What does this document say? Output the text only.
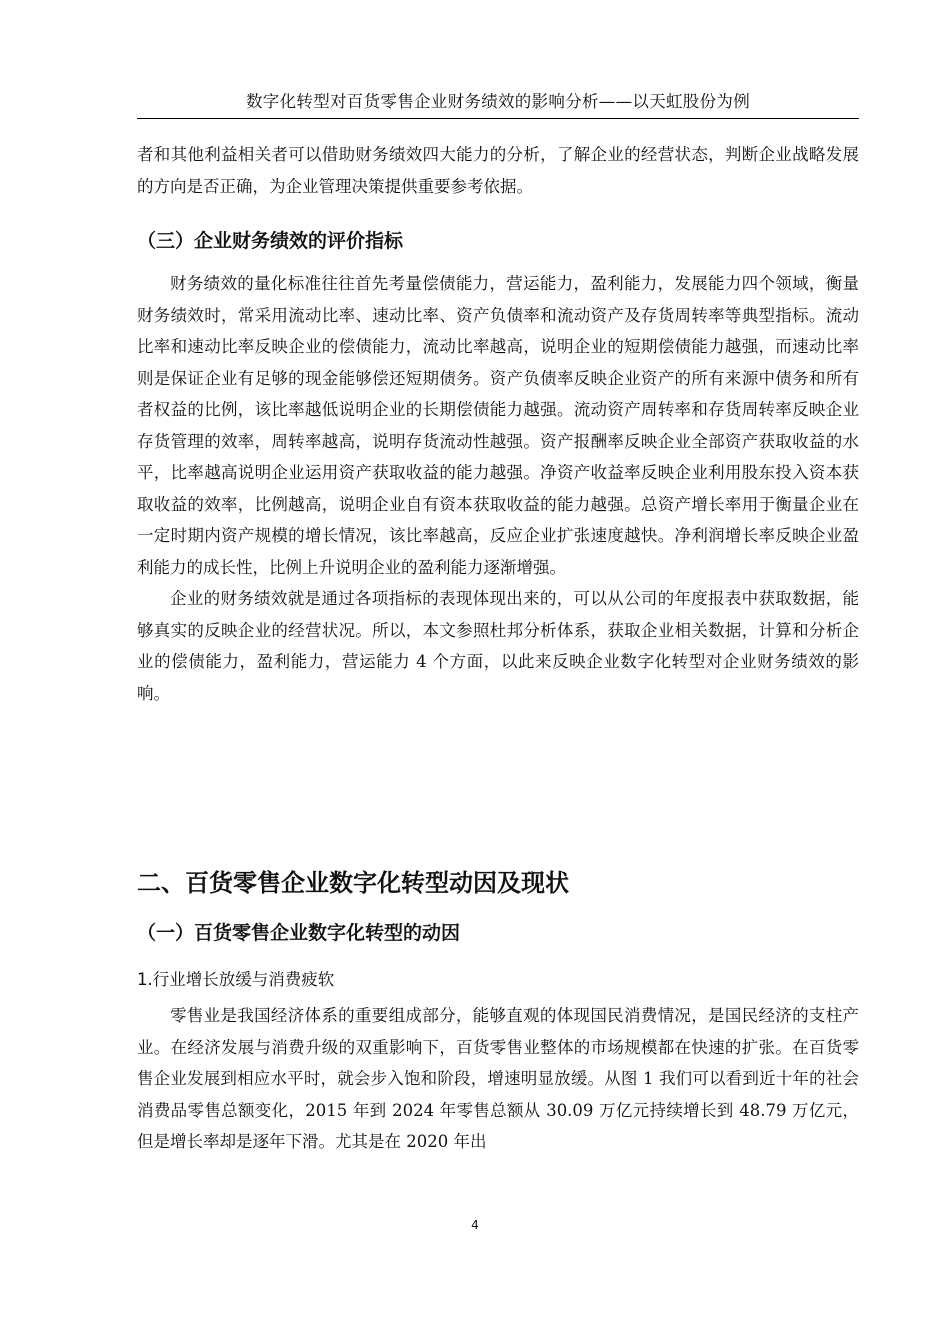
数字化转型对百货零售企业财务绩效的影响分析——以天虹股份为例

者和其他利益相关者可以借助财务绩效四大能力的分析，了解企业的经营状态，判断企业战略发展的方向是否正确，为企业管理决策提供重要参考依据。

（三）企业财务绩效的评价指标

财务绩效的量化标准往往首先考量偿债能力，营运能力，盈利能力，发展能力四个领域，衡量财务绩效时，常采用流动比率、速动比率、资产负债率和流动资产及存货周转率等典型指标。流动比率和速动比率反映企业的偿债能力，流动比率越高，说明企业的短期偿债能力越强，而速动比率则是保证企业有足够的现金能够偿还短期债务。资产负债率反映企业资产的所有来源中债务和所有者权益的比例，该比率越低说明企业的长期偿债能力越强。流动资产周转率和存货周转率反映企业存货管理的效率，周转率越高，说明存货流动性越强。资产报酬率反映企业全部资产获取收益的水平，比率越高说明企业运用资产获取收益的能力越强。净资产收益率反映企业利用股东投入资本获取收益的效率，比例越高，说明企业自有资本获取收益的能力越强。总资产增长率用于衡量企业在一定时期内资产规模的增长情况，该比率越高，反应企业扩张速度越快。净利润增长率反映企业盈利能力的成长性，比例上升说明企业的盈利能力逐渐增强。

企业的财务绩效就是通过各项指标的表现体现出来的，可以从公司的年度报表中获取数据，能够真实的反映企业的经营状况。所以，本文参照杜邦分析体系，获取企业相关数据，计算和分析企业的偿债能力，盈利能力，营运能力 4 个方面，以此来反映企业数字化转型对企业财务绩效的影响。

二、百货零售企业数字化转型动因及现状
（一）百货零售企业数字化转型的动因
1.行业增长放缓与消费疲软

零售业是我国经济体系的重要组成部分，能够直观的体现国民消费情况，是国民经济的支柱产业。在经济发展与消费升级的双重影响下，百货零售业整体的市场规模都在快速的扩张。在百货零售企业发展到相应水平时，就会步入饱和阶段，增速明显放缓。从图 1 我们可以看到近十年的社会消费品零售总额变化，2015 年到 2024 年零售总额从 30.09 万亿元持续增长到 48.79 万亿元，但是增长率却是逐年下滑。尤其是在 2020 年出

4
